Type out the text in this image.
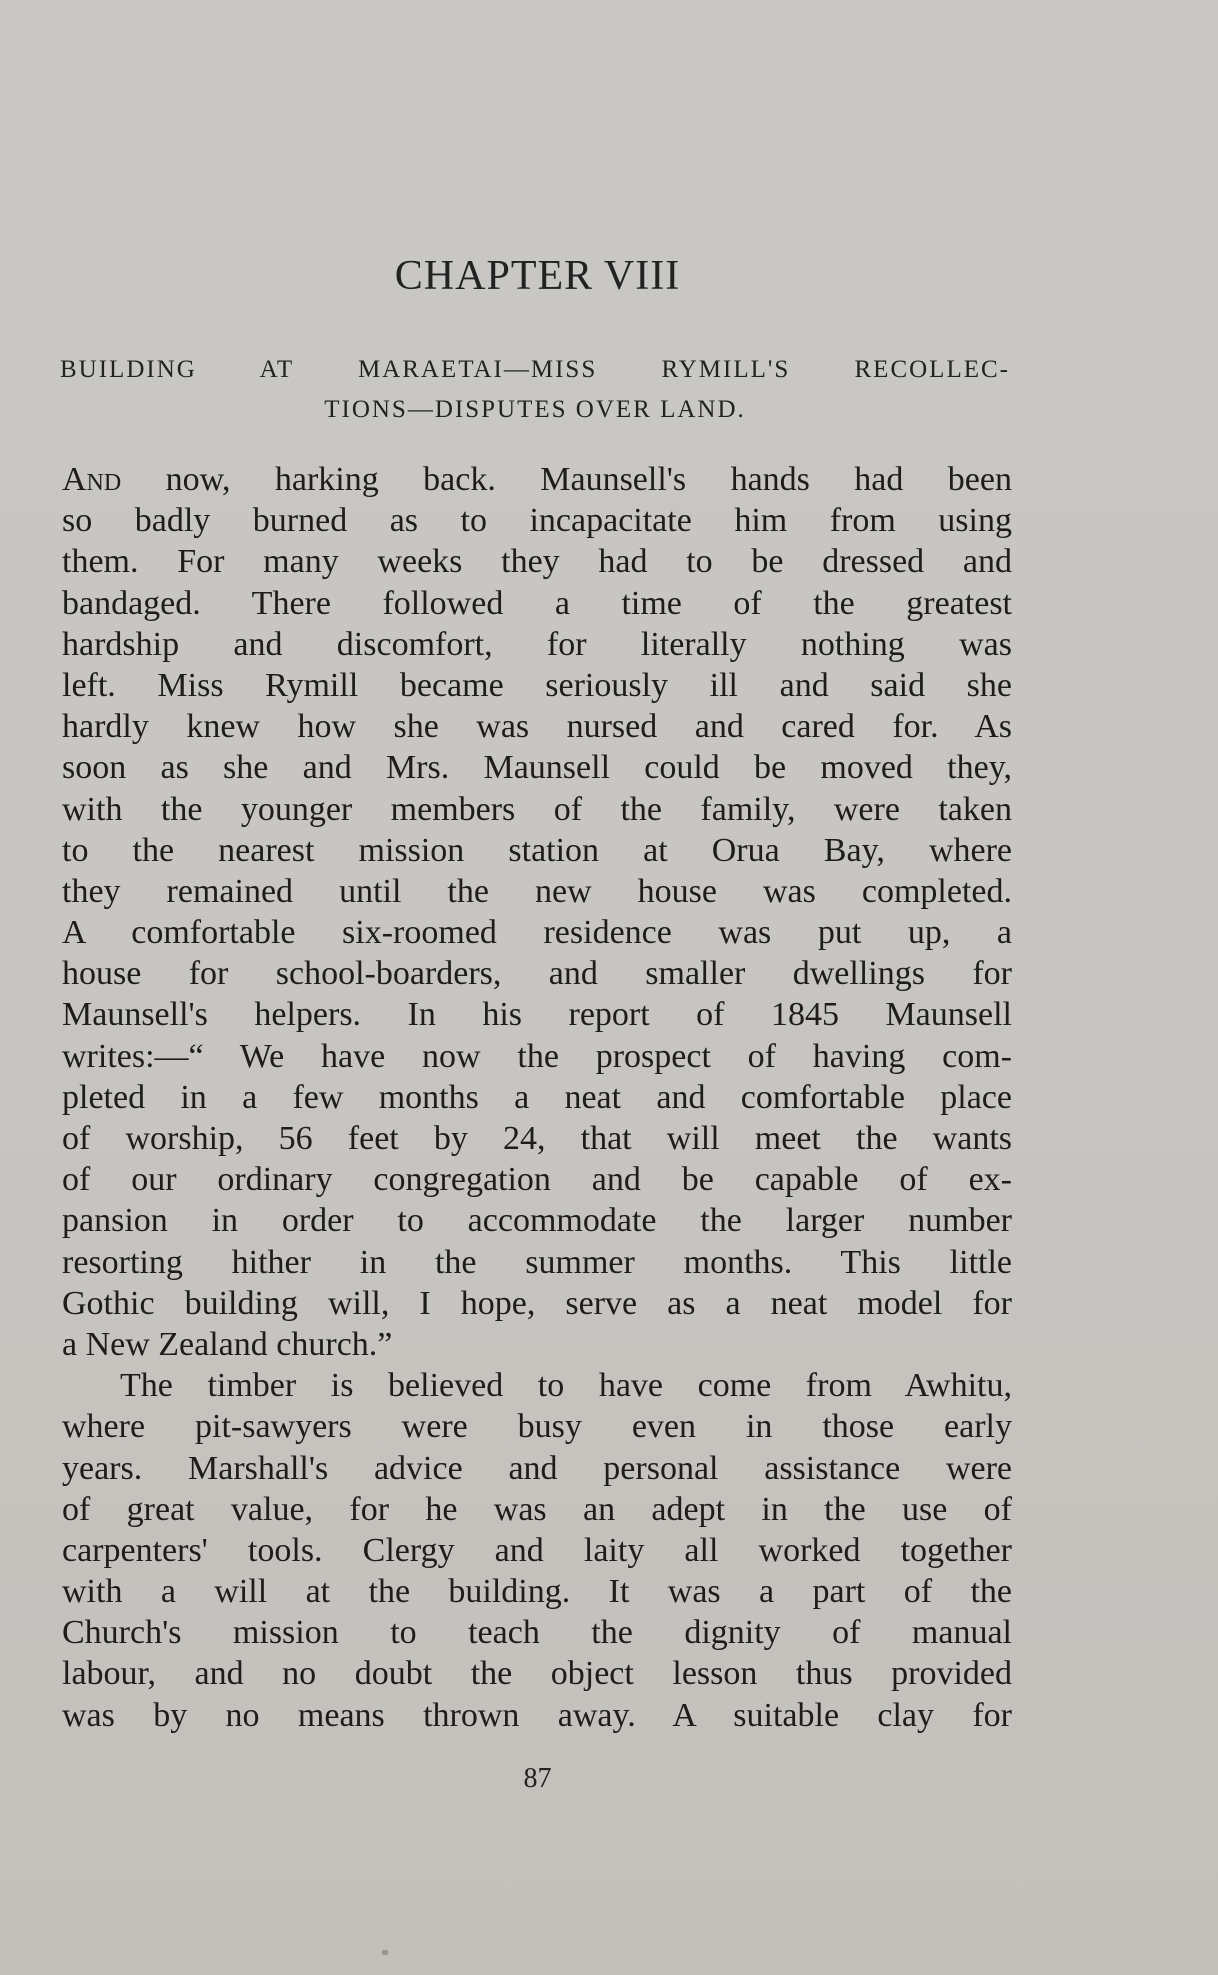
CHAPTER VIII
BUILDING AT MARAETAI—MISS RYMILL'S RECOLLEC-
TIONS—DISPUTES OVER LAND.
And now, harking back. Maunsell's hands had been
so badly burned as to incapacitate him from using
them. For many weeks they had to be dressed and
bandaged. There followed a time of the greatest
hardship and discomfort, for literally nothing was
left. Miss Rymill became seriously ill and said she
hardly knew how she was nursed and cared for. As
soon as she and Mrs. Maunsell could be moved they,
with the younger members of the family, were taken
to the nearest mission station at Orua Bay, where
they remained until the new house was completed.
A comfortable six-roomed residence was put up, a
house for school-boarders, and smaller dwellings for
Maunsell's helpers. In his report of 1845 Maunsell
writes:—“ We have now the prospect of having com-
pleted in a few months a neat and comfortable place
of worship, 56 feet by 24, that will meet the wants
of our ordinary congregation and be capable of ex-
pansion in order to accommodate the larger number
resorting hither in the summer months. This little
Gothic building will, I hope, serve as a neat model for
a New Zealand church.”
The timber is believed to have come from Awhitu,
where pit-sawyers were busy even in those early
years. Marshall's advice and personal assistance were
of great value, for he was an adept in the use of
carpenters' tools. Clergy and laity all worked together
with a will at the building. It was a part of the
Church's mission to teach the dignity of manual
labour, and no doubt the object lesson thus provided
was by no means thrown away. A suitable clay for
87
